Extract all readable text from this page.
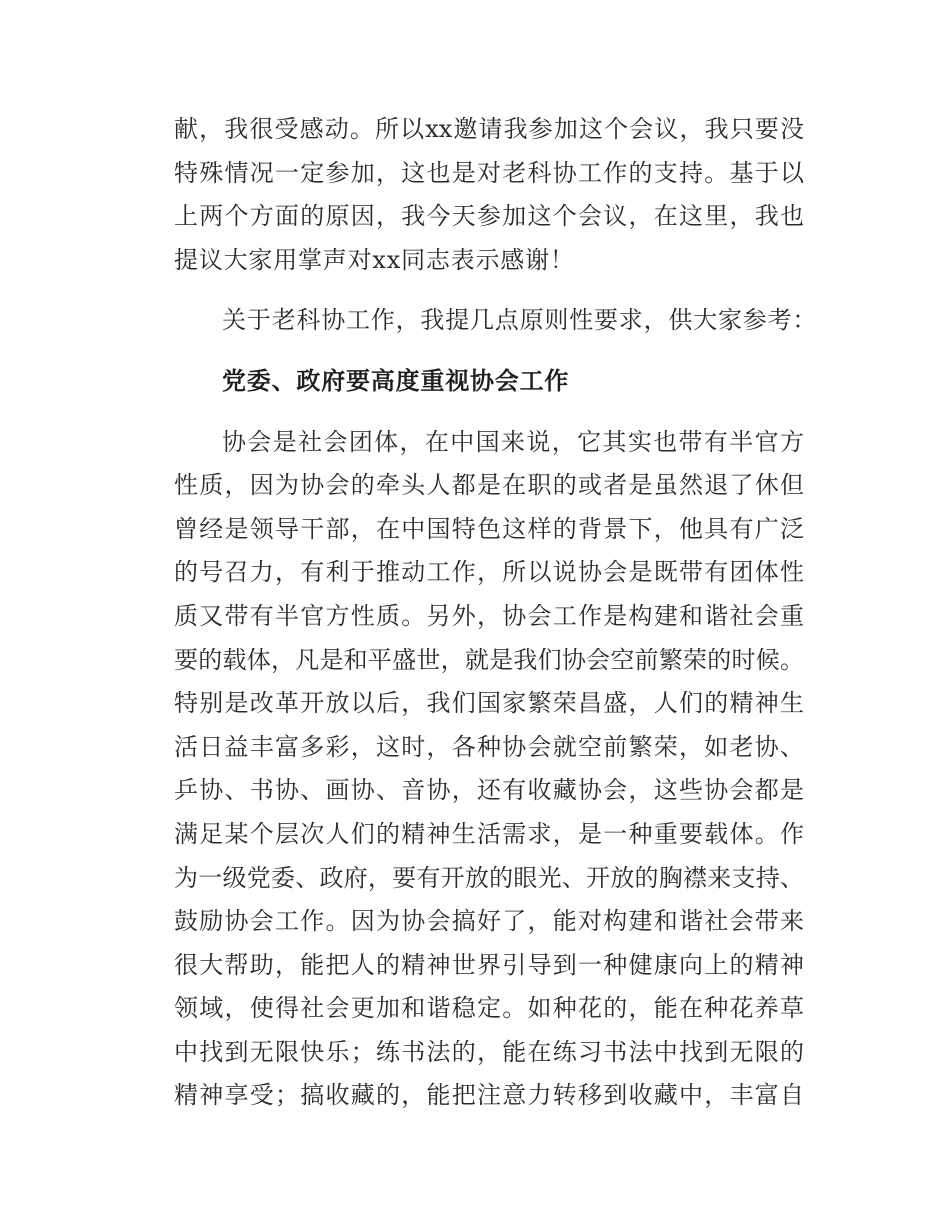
献，我很受感动。所以xx邀请我参加这个会议，我只要没
特殊情况一定参加，这也是对老科协工作的支持。基于以
上两个方面的原因，我今天参加这个会议，在这里，我也
提议大家用掌声对xx同志表示感谢！
关于老科协工作，我提几点原则性要求，供大家参考：
党委、政府要高度重视协会工作
协会是社会团体，在中国来说，它其实也带有半官方
性质，因为协会的牵头人都是在职的或者是虽然退了休但
曾经是领导干部，在中国特色这样的背景下，他具有广泛
的号召力，有利于推动工作，所以说协会是既带有团体性
质又带有半官方性质。另外，协会工作是构建和谐社会重
要的载体，凡是和平盛世，就是我们协会空前繁荣的时候。
特别是改革开放以后，我们国家繁荣昌盛，人们的精神生
活日益丰富多彩，这时，各种协会就空前繁荣，如老协、
乒协、书协、画协、音协，还有收藏协会，这些协会都是
满足某个层次人们的精神生活需求，是一种重要载体。作
为一级党委、政府，要有开放的眼光、开放的胸襟来支持、
鼓励协会工作。因为协会搞好了，能对构建和谐社会带来
很大帮助，能把人的精神世界引导到一种健康向上的精神
领域，使得社会更加和谐稳定。如种花的，能在种花养草
中找到无限快乐；练书法的，能在练习书法中找到无限的
精神享受；搞收藏的，能把注意力转移到收藏中，丰富自
